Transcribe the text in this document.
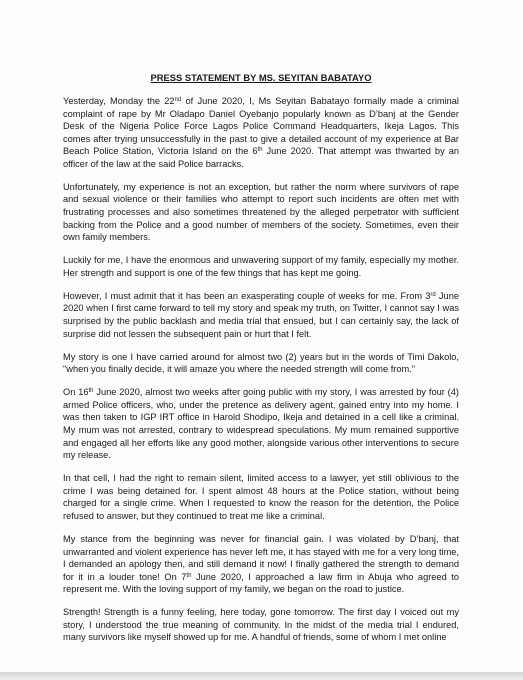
PRESS STATEMENT BY MS. SEYITAN BABATAYO

Yesterday, Monday the 22nd of June 2020, I, Ms Seyitan Babatayo formally made a criminal complaint of rape by Mr Oladapo Daniel Oyebanjo popularly known as D’banj at the Gender Desk of the Nigeria Police Force Lagos Police Command Headquarters, Ikeja Lagos. This comes after trying unsuccessfully in the past to give a detailed account of my experience at Bar Beach Police Station, Victoria Island on the 6th June 2020. That attempt was thwarted by an officer of the law at the said Police barracks.

Unfortunately, my experience is not an exception, but rather the norm where survivors of rape and sexual violence or their families who attempt to report such incidents are often met with frustrating processes and also sometimes threatened by the alleged perpetrator with sufficient backing from the Police and a good number of members of the society. Sometimes, even their own family members.

Luckily for me, I have the enormous and unwavering support of my family, especially my mother. Her strength and support is one of the few things that has kept me going.

However, I must admit that it has been an exasperating couple of weeks for me. From 3rd June 2020 when I first came forward to tell my story and speak my truth, on Twitter, I cannot say I was surprised by the public backlash and media trial that ensued, but I can certainly say, the lack of surprise did not lessen the subsequent pain or hurt that I felt.

My story is one I have carried around for almost two (2) years but in the words of Timi Dakolo, "when you finally decide, it will amaze you where the needed strength will come from."

On 16th June 2020, almost two weeks after going public with my story, I was arrested by four (4) armed Police officers, who, under the pretence as delivery agent, gained entry into my home. I was then taken to IGP IRT office in Harold Shodipo, Ikeja and detained in a cell like a criminal. My mum was not arrested, contrary to widespread speculations. My mum remained supportive and engaged all her efforts like any good mother, alongside various other interventions to secure my release.

In that cell, I had the right to remain silent, limited access to a lawyer, yet still oblivious to the crime I was being detained for. I spent almost 48 hours at the Police station, without being charged for a single crime. When I requested to know the reason for the detention, the Police refused to answer, but they continued to treat me like a criminal.

My stance from the beginning was never for financial gain. I was violated by D’banj, that unwarranted and violent experience has never left me, it has stayed with me for a very long time, I demanded an apology then, and still demand it now! I finally gathered the strength to demand for it in a louder tone! On 7th June 2020, I approached a law firm in Abuja who agreed to represent me. With the loving support of my family, we began on the road to justice.

Strength! Strength is a funny feeling, here today, gone tomorrow. The first day I voiced out my story, I understood the true meaning of community. In the midst of the media trial I endured, many survivors like myself showed up for me. A handful of friends, some of whom I met online
